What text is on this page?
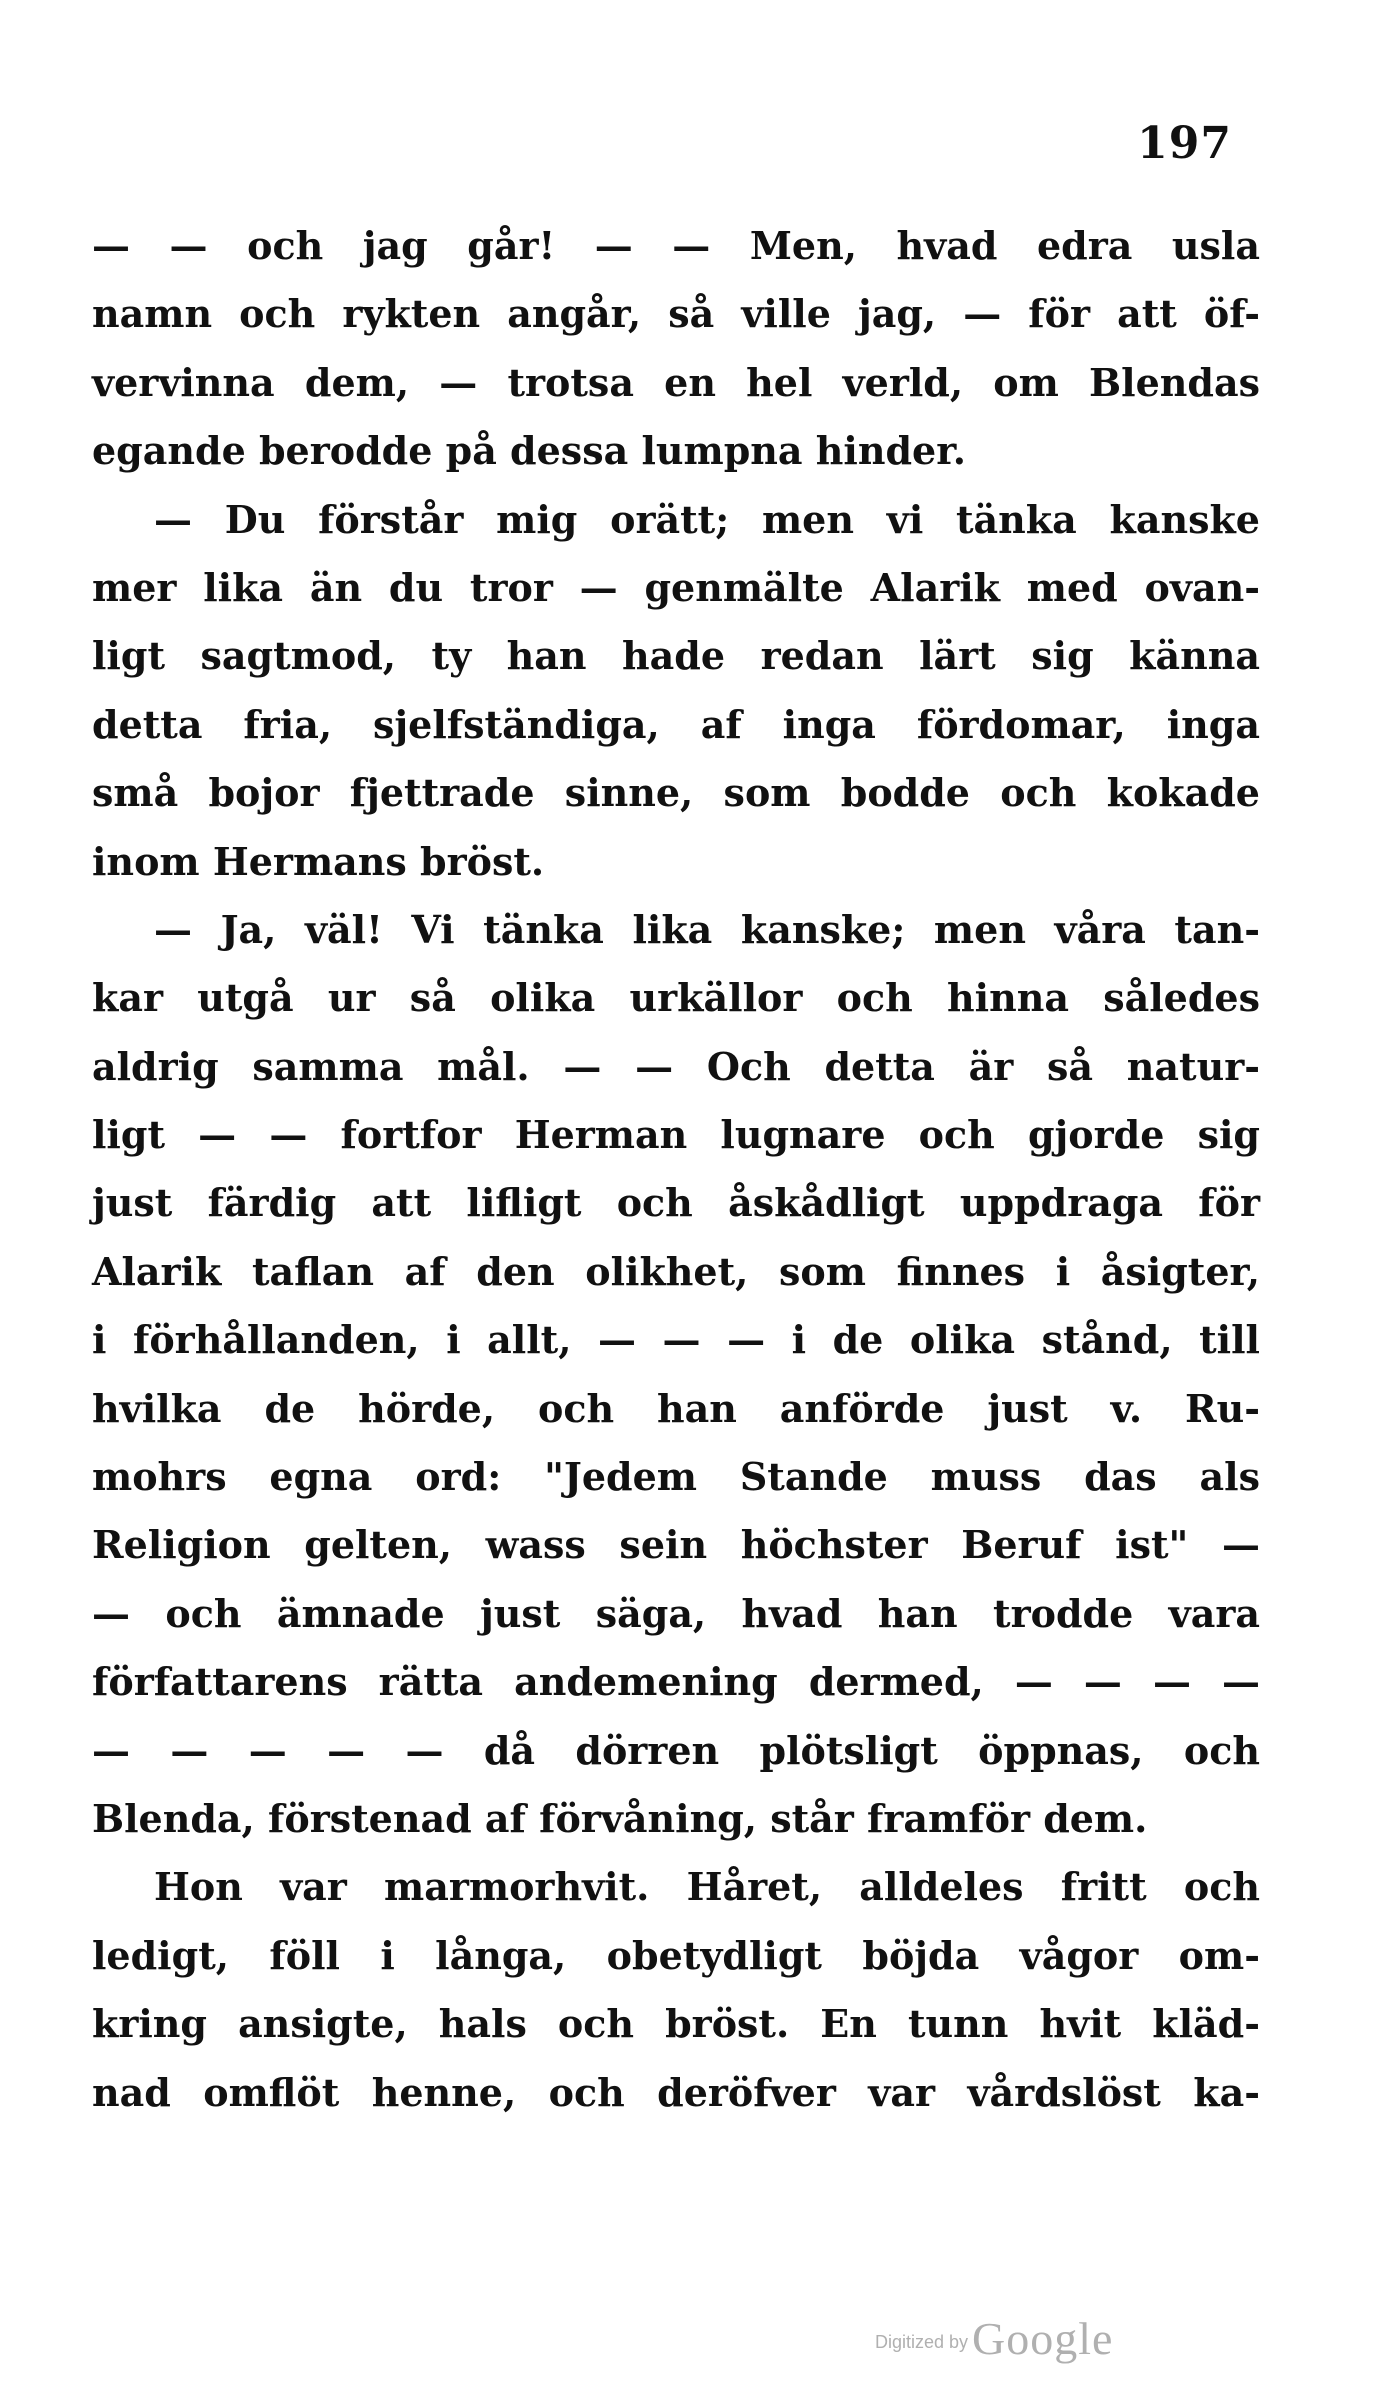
197
— — och jag går! — — Men, hvad edra usla
namn och rykten angår, så ville jag, — för att öf-
vervinna dem, — trotsa en hel verld, om Blendas
egande berodde på dessa lumpna hinder.
— Du förstår mig orätt; men vi tänka kanske
mer lika än du tror — genmälte Alarik med ovan-
ligt sagtmod, ty han hade redan lärt sig känna
detta fria, sjelfständiga, af inga fördomar, inga
små bojor fjettrade sinne, som bodde och kokade
inom Hermans bröst.
— Ja, väl! Vi tänka lika kanske; men våra tan-
kar utgå ur så olika urkällor och hinna således
aldrig samma mål. — — Och detta är så natur-
ligt — — fortfor Herman lugnare och gjorde sig
just färdig att lifligt och åskådligt uppdraga för
Alarik taflan af den olikhet, som finnes i åsigter,
i förhållanden, i allt, — — — i de olika stånd, till
hvilka de hörde, och han anförde just v. Ru-
mohrs egna ord: "Jedem Stande muss das als
Religion gelten, wass sein höchster Beruf ist" —
— och ämnade just säga, hvad han trodde vara
författarens rätta andemening dermed, — — — —
— — — — — då dörren plötsligt öppnas, och
Blenda, förstenad af förvåning, står framför dem.
Hon var marmorhvit. Håret, alldeles fritt och
ledigt, föll i långa, obetydligt böjda vågor om-
kring ansigte, hals och bröst. En tunn hvit kläd-
nad omflöt henne, och deröfver var vårdslöst ka-
Digitized by Google
